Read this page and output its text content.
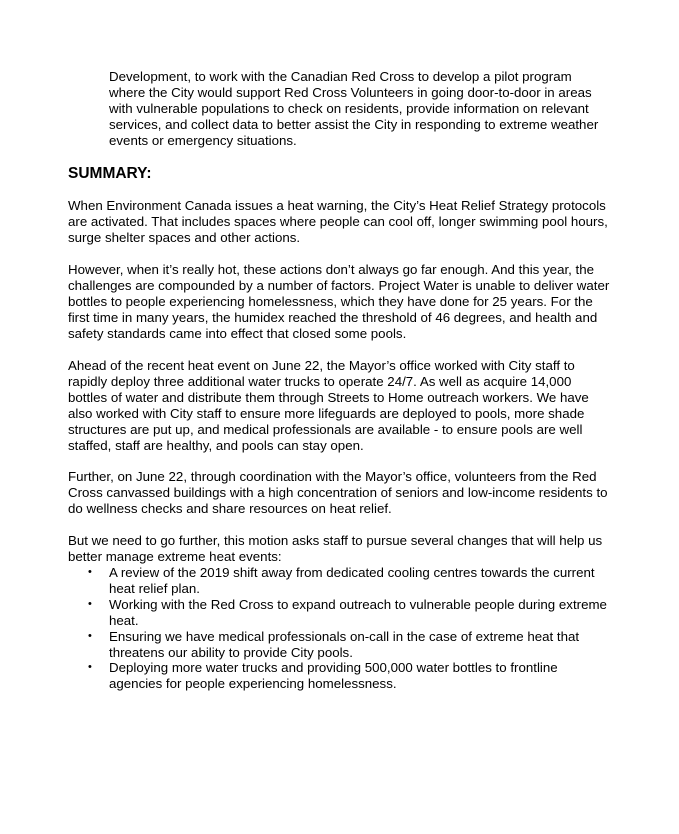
Development, to work with the Canadian Red Cross to develop a pilot program where the City would support Red Cross Volunteers in going door-to-door in areas with vulnerable populations to check on residents, provide information on relevant services, and collect data to better assist the City in responding to extreme weather events or emergency situations.

SUMMARY:

When Environment Canada issues a heat warning, the City’s Heat Relief Strategy protocols are activated. That includes spaces where people can cool off, longer swimming pool hours, surge shelter spaces and other actions.

However, when it’s really hot, these actions don’t always go far enough. And this year, the challenges are compounded by a number of factors. Project Water is unable to deliver water bottles to people experiencing homelessness, which they have done for 25 years. For the first time in many years, the humidex reached the threshold of 46 degrees, and health and safety standards came into effect that closed some pools.

Ahead of the recent heat event on June 22, the Mayor’s office worked with City staff to rapidly deploy three additional water trucks to operate 24/7. As well as acquire 14,000 bottles of water and distribute them through Streets to Home outreach workers. We have also worked with City staff to ensure more lifeguards are deployed to pools, more shade structures are put up, and medical professionals are available - to ensure pools are well staffed, staff are healthy, and pools can stay open.

Further, on June 22, through coordination with the Mayor’s office, volunteers from the Red Cross canvassed buildings with a high concentration of seniors and low-income residents to do wellness checks and share resources on heat relief.

But we need to go further, this motion asks staff to pursue several changes that will help us better manage extreme heat events:

• A review of the 2019 shift away from dedicated cooling centres towards the current heat relief plan.
• Working with the Red Cross to expand outreach to vulnerable people during extreme heat.
• Ensuring we have medical professionals on-call in the case of extreme heat that threatens our ability to provide City pools.
• Deploying more water trucks and providing 500,000 water bottles to frontline agencies for people experiencing homelessness.
